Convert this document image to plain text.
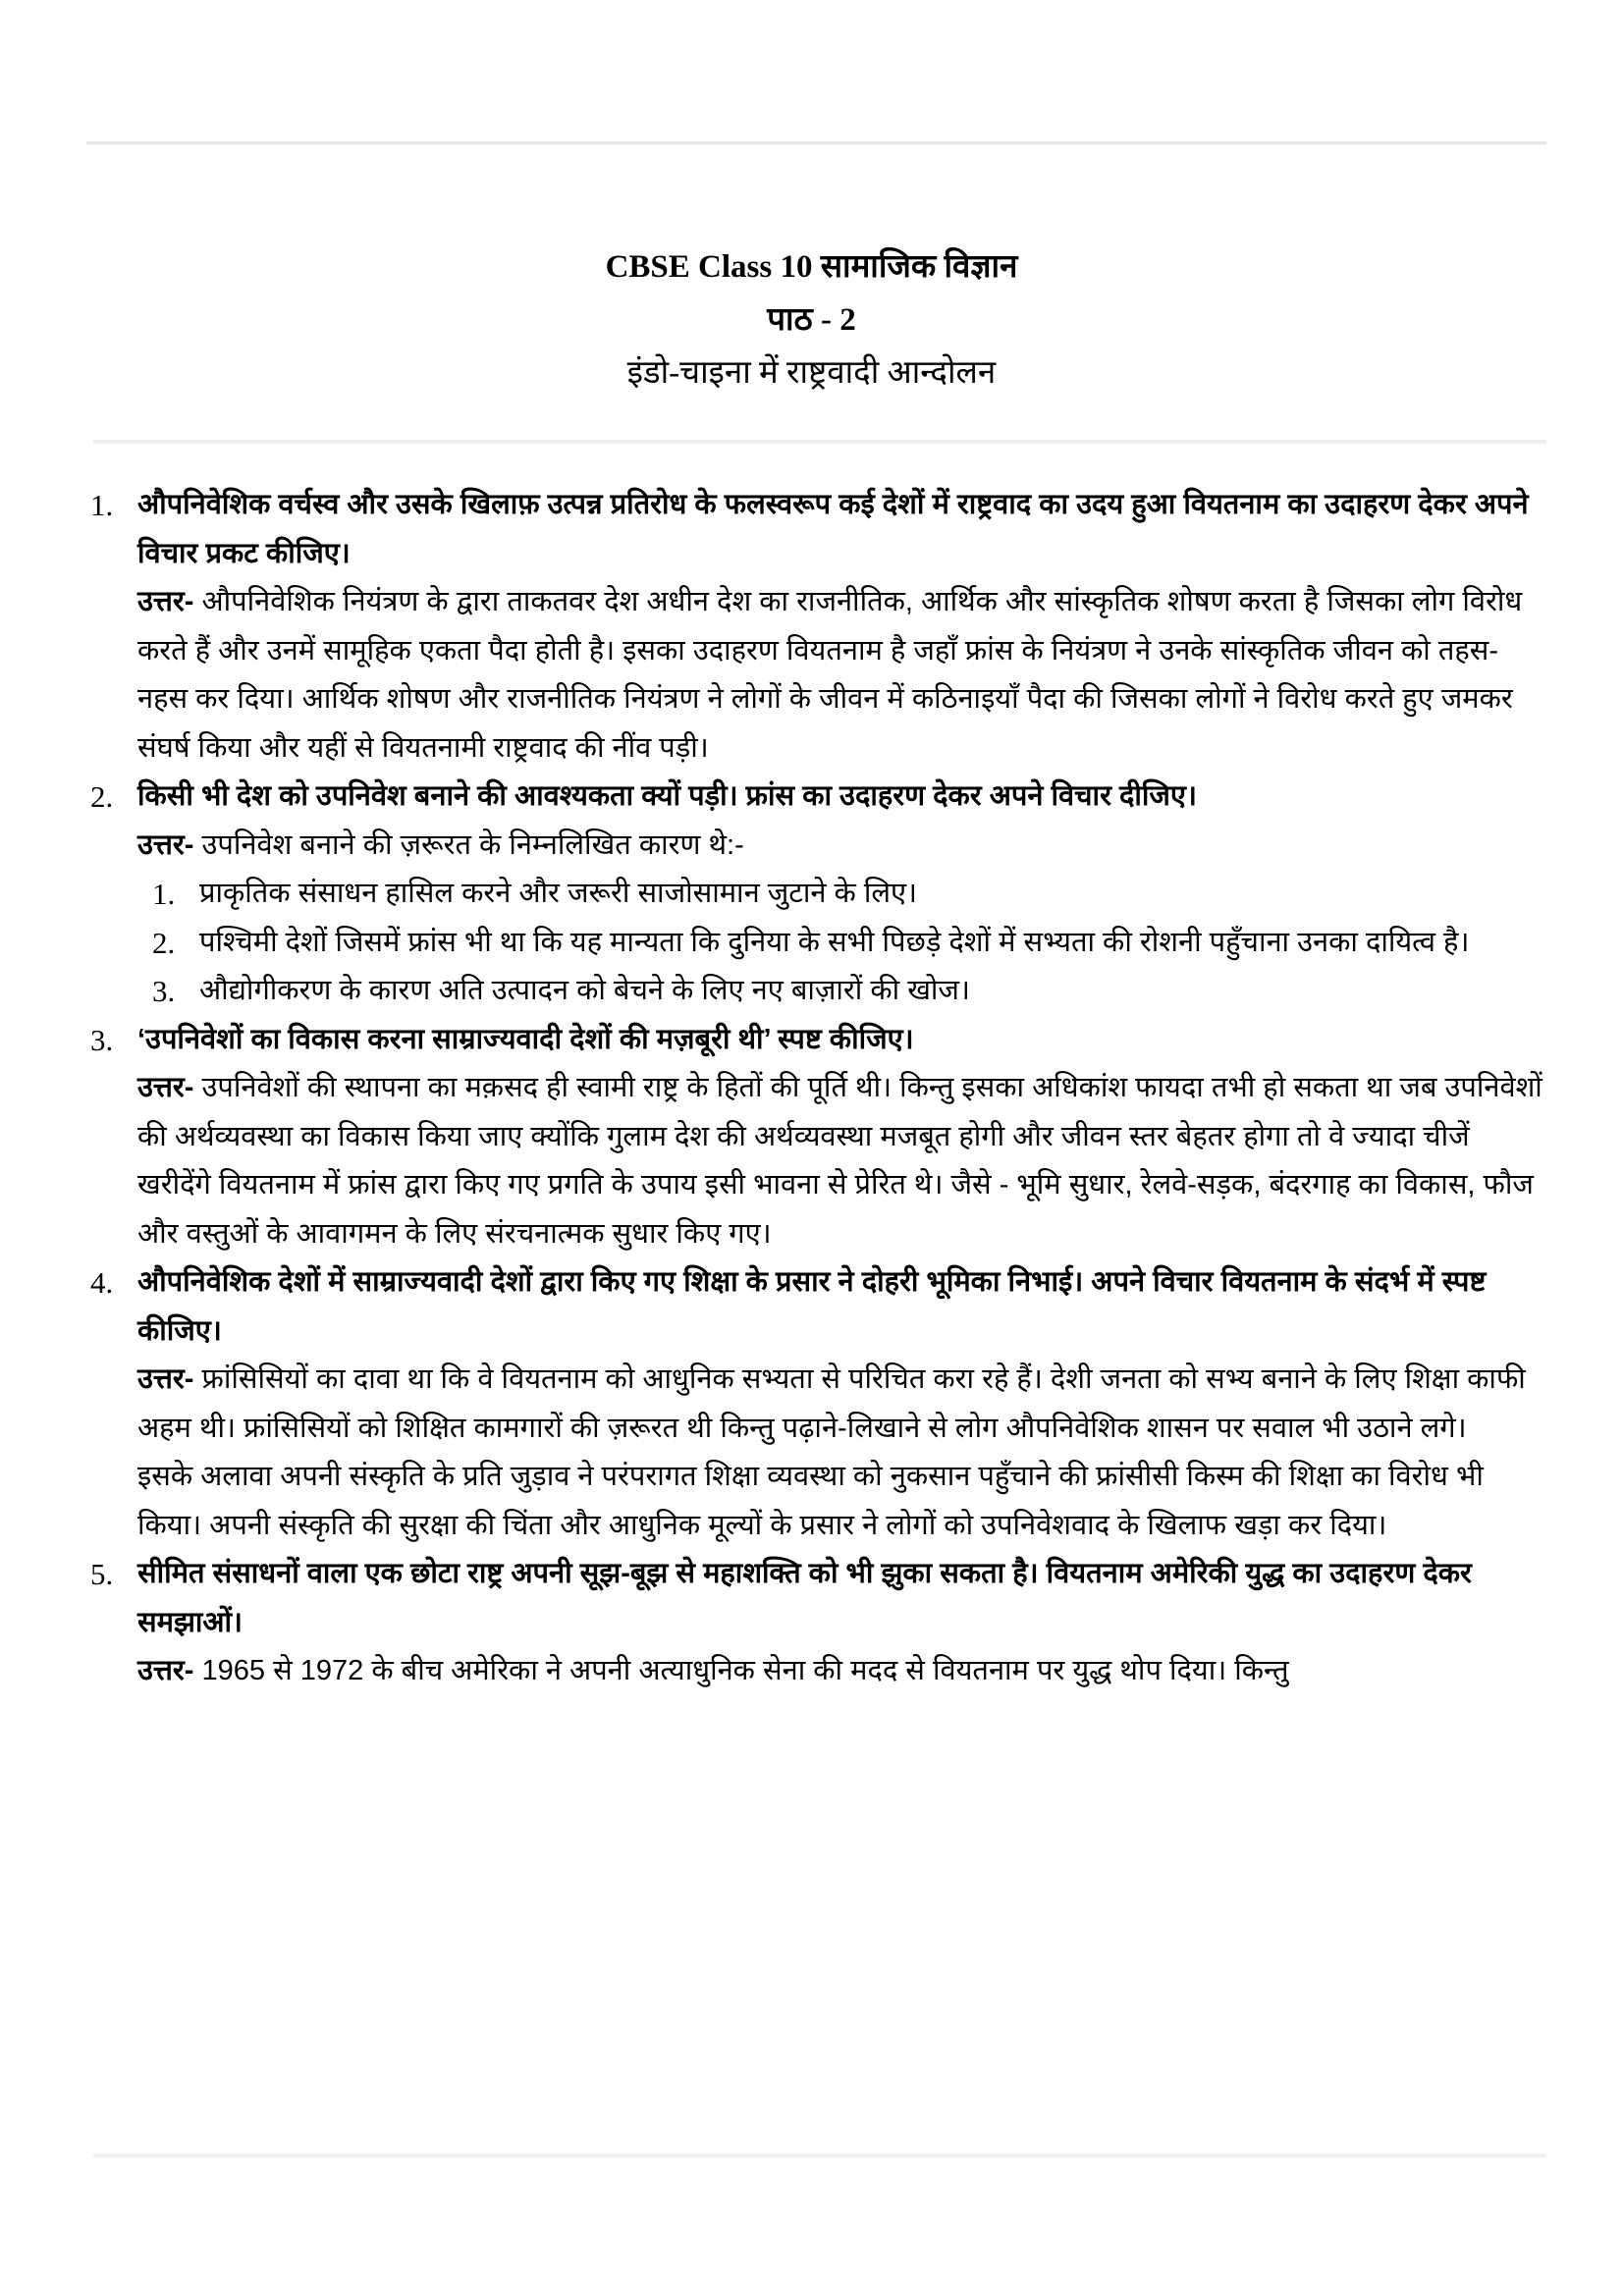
CBSE Class 10 सामाजिक विज्ञान
पाठ - 2
इंडो-चाइना में राष्ट्रवादी आन्दोलन
1. औपनिवेशिक वर्चस्व और उसके खिलाफ़ उत्पन्न प्रतिरोध के फलस्वरूप कई देशों में राष्ट्रवाद का उदय हुआ वियतनाम का उदाहरण देकर अपने विचार प्रकट कीजिए।
उत्तर- औपनिवेशिक नियंत्रण के द्वारा ताकतवर देश अधीन देश का राजनीतिक, आर्थिक और सांस्कृतिक शोषण करता है जिसका लोग विरोध करते हैं और उनमें सामूहिक एकता पैदा होती है। इसका उदाहरण वियतनाम है जहाँ फ्रांस के नियंत्रण ने उनके सांस्कृतिक जीवन को तहस-नहस कर दिया। आर्थिक शोषण और राजनीतिक नियंत्रण ने लोगों के जीवन में कठिनाइयाँ पैदा की जिसका लोगों ने विरोध करते हुए जमकर संघर्ष किया और यहीं से वियतनामी राष्ट्रवाद की नींव पड़ी।
2. किसी भी देश को उपनिवेश बनाने की आवश्यकता क्यों पड़ी। फ्रांस का उदाहरण देकर अपने विचार दीजिए।
उत्तर- उपनिवेश बनाने की ज़रूरत के निम्नलिखित कारण थे:-
1. प्राकृतिक संसाधन हासिल करने और जरूरी साजोसामान जुटाने के लिए।
2. पश्चिमी देशों जिसमें फ्रांस भी था कि यह मान्यता कि दुनिया के सभी पिछड़े देशों में सभ्यता की रोशनी पहुँचाना उनका दायित्व है।
3. औद्योगीकरण के कारण अति उत्पादन को बेचने के लिए नए बाज़ारों की खोज।
3. ‘उपनिवेशों का विकास करना साम्राज्यवादी देशों की मज़बूरी थी’ स्पष्ट कीजिए।
उत्तर- उपनिवेशों की स्थापना का मक़सद ही स्वामी राष्ट्र के हितों की पूर्ति थी। किन्तु इसका अधिकांश फायदा तभी हो सकता था जब उपनिवेशों की अर्थव्यवस्था का विकास किया जाए क्योंकि गुलाम देश की अर्थव्यवस्था मजबूत होगी और जीवन स्तर बेहतर होगा तो वे ज्यादा चीजें खरीदेंगे वियतनाम में फ्रांस द्वारा किए गए प्रगति के उपाय इसी भावना से प्रेरित थे। जैसे - भूमि सुधार, रेलवे-सड़क, बंदरगाह का विकास, फौज और वस्तुओं के आवागमन के लिए संरचनात्मक सुधार किए गए।
4. औपनिवेशिक देशों में साम्राज्यवादी देशों द्वारा किए गए शिक्षा के प्रसार ने दोहरी भूमिका निभाई। अपने विचार वियतनाम के संदर्भ में स्पष्ट कीजिए।
उत्तर- फ्रांसिसियों का दावा था कि वे वियतनाम को आधुनिक सभ्यता से परिचित करा रहे हैं। देशी जनता को सभ्य बनाने के लिए शिक्षा काफी अहम थी। फ्रांसिसियों को शिक्षित कामगारों की ज़रूरत थी किन्तु पढ़ाने-लिखाने से लोग औपनिवेशिक शासन पर सवाल भी उठाने लगे।
इसके अलावा अपनी संस्कृति के प्रति जुड़ाव ने परंपरागत शिक्षा व्यवस्था को नुकसान पहुँचाने की फ्रांसीसी किस्म की शिक्षा का विरोध भी किया। अपनी संस्कृति की सुरक्षा की चिंता और आधुनिक मूल्यों के प्रसार ने लोगों को उपनिवेशवाद के खिलाफ खड़ा कर दिया।
5. सीमित संसाधनों वाला एक छोटा राष्ट्र अपनी सूझ-बूझ से महाशक्ति को भी झुका सकता है। वियतनाम अमेरिकी युद्ध का उदाहरण देकर समझाओं।
उत्तर- 1965 से 1972 के बीच अमेरिका ने अपनी अत्याधुनिक सेना की मदद से वियतनाम पर युद्ध थोप दिया। किन्तु
